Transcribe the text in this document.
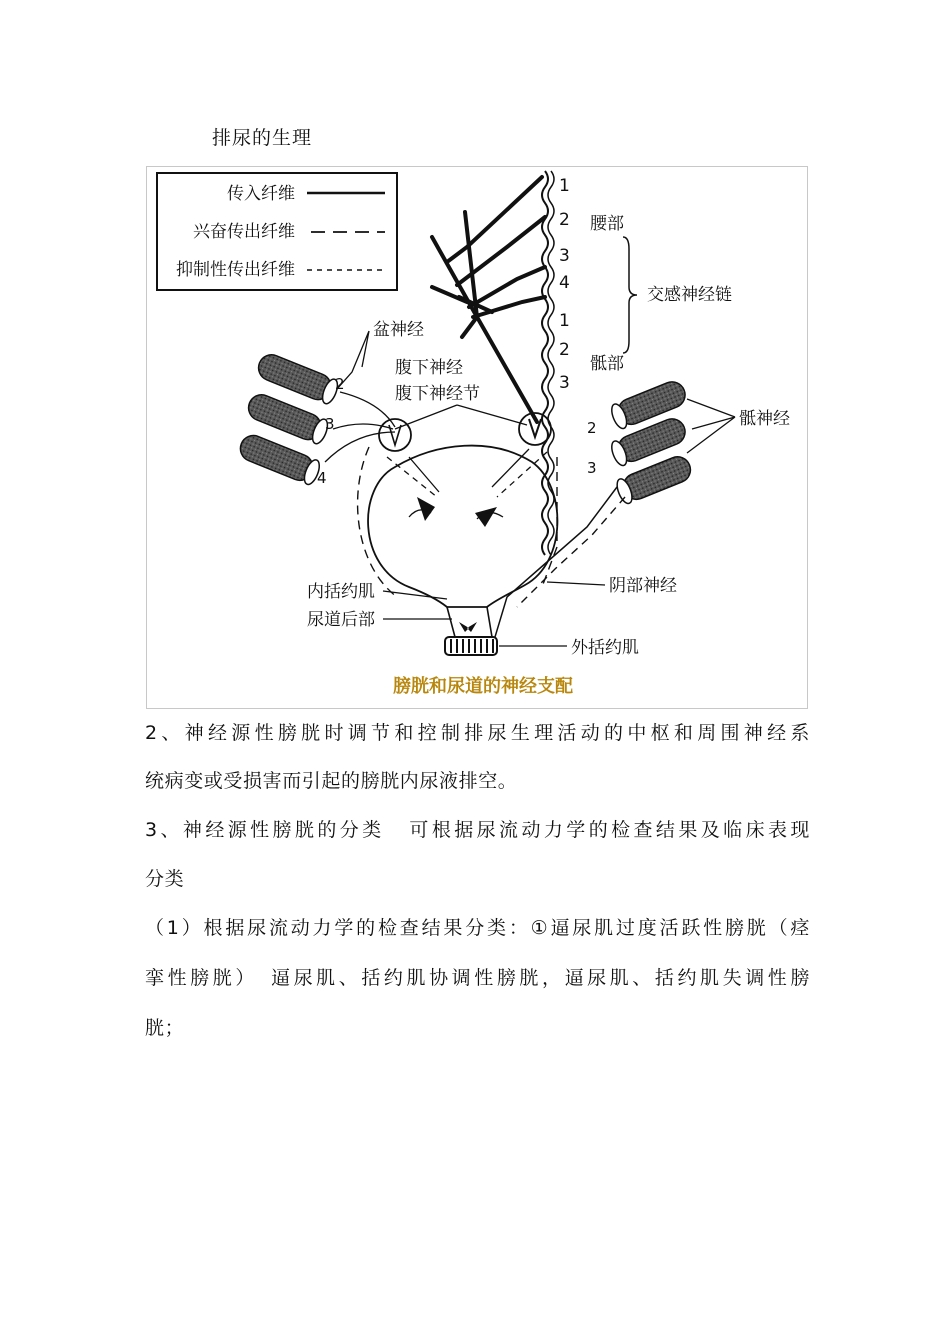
排尿的生理
传入纤维
兴奋传出纤维
抑制性传出纤维
1
2
3
4
1
2
3
腰部
骶部
交感神经链
盆神经
腹下神经
腹下神经节
2
3
4
2
3
骶神经
内括约肌
尿道后部
阴部神经
外括约肌
膀胱和尿道的神经支配
2、神经源性膀胱时调节和控制排尿生理活动的中枢和周围神经系
统病变或受损害而引起的膀胱内尿液排空。
3、神经源性膀胱的分类 可根据尿流动力学的检查结果及临床表现
分类
（1）根据尿流动力学的检查结果分类：①逼尿肌过度活跃性膀胱（痉
挛性膀胱）　逼尿肌、括约肌协调性膀胱，逼尿肌、括约肌失调性膀
胱；
